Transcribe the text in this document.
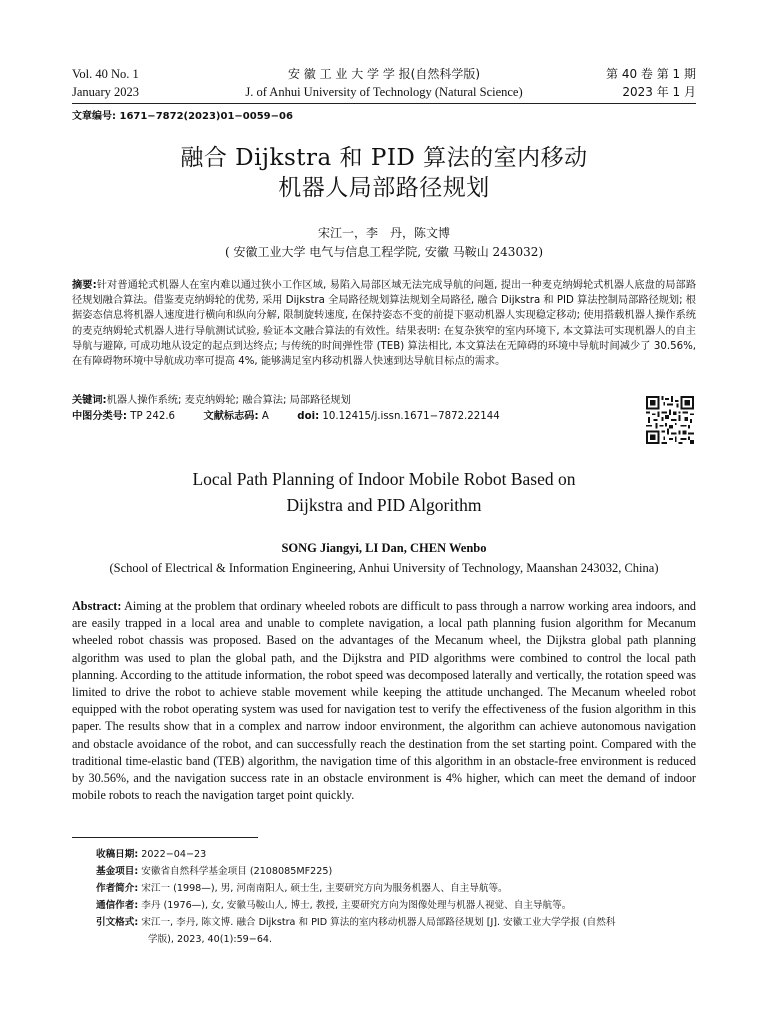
Vol. 40 No. 1
January 2023
安 徽 工 业 大 学 学 报(自然科学版)
J. of Anhui University of Technology (Natural Science)
第 40 卷 第 1 期
2023 年 1 月
文章编号: 1671−7872(2023)01−0059−06
融合 Dijkstra 和 PID 算法的室内移动
机器人局部路径规划
宋江一，李　丹，陈文博
( 安徽工业大学 电气与信息工程学院, 安徽 马鞍山 243032)
摘要:针对普通轮式机器人在室内难以通过狭小工作区域, 易陷入局部区域无法完成导航的问题, 提出一种麦克纳姆轮式机器人底盘的局部路径规划融合算法。借鉴麦克纳姆轮的优势, 采用 Dijkstra 全局路径规划算法规划全局路径, 融合 Dijkstra 和 PID 算法控制局部路径规划; 根据姿态信息将机器人速度进行横向和纵向分解, 限制旋转速度, 在保持姿态不变的前提下驱动机器人实现稳定移动; 使用搭载机器人操作系统的麦克纳姆轮式机器人进行导航测试试验, 验证本文融合算法的有效性。结果表明: 在复杂狭窄的室内环境下, 本文算法可实现机器人的自主导航与避障, 可成功地从设定的起点到达终点; 与传统的时间弹性带 (TEB) 算法相比, 本文算法在无障碍的环境中导航时间减少了 30.56%, 在有障碍物环境中导航成功率可提高 4%, 能够满足室内移动机器人快速到达导航目标点的需求。
关键词:机器人操作系统; 麦克纳姆轮; 融合算法; 局部路径规划
中图分类号: TP 242.6	文献标志码: A	doi: 10.12415/j.issn.1671−7872.22144
Local Path Planning of Indoor Mobile Robot Based on
Dijkstra and PID Algorithm
SONG Jiangyi, LI Dan, CHEN Wenbo
(School of Electrical & Information Engineering, Anhui University of Technology, Maanshan 243032, China)
Abstract: Aiming at the problem that ordinary wheeled robots are difficult to pass through a narrow working area indoors, and are easily trapped in a local area and unable to complete navigation, a local path planning fusion algorithm for Mecanum wheeled robot chassis was proposed. Based on the advantages of the Mecanum wheel, the Dijkstra global path planning algorithm was used to plan the global path, and the Dijkstra and PID algorithms were combined to control the local path planning. According to the attitude information, the robot speed was decomposed laterally and vertically, the rotation speed was limited to drive the robot to achieve stable movement while keeping the attitude unchanged. The Mecanum wheeled robot equipped with the robot operating system was used for navigation test to verify the effectiveness of the fusion algorithm in this paper. The results show that in a complex and narrow indoor environment, the algorithm can achieve autonomous navigation and obstacle avoidance of the robot, and can successfully reach the destination from the set starting point. Compared with the traditional time-elastic band (TEB) algorithm, the navigation time of this algorithm in an obstacle-free environment is reduced by 30.56%, and the navigation success rate in an obstacle environment is 4% higher, which can meet the demand of indoor mobile robots to reach the navigation target point quickly.
收稿日期: 2022−04−23
基金项目: 安徽省自然科学基金项目 (2108085MF225)
作者简介: 宋江一 (1998—), 男, 河南南阳人, 硕士生, 主要研究方向为服务机器人、自主导航等。
通信作者: 李丹 (1976—), 女, 安徽马鞍山人, 博士, 教授, 主要研究方向为图像处理与机器人视觉、自主导航等。
引文格式: 宋江一, 李丹, 陈文博. 融合 Dijkstra 和 PID 算法的室内移动机器人局部路径规划 [J]. 安徽工业大学学报 (自然科
学版), 2023, 40(1):59−64.
